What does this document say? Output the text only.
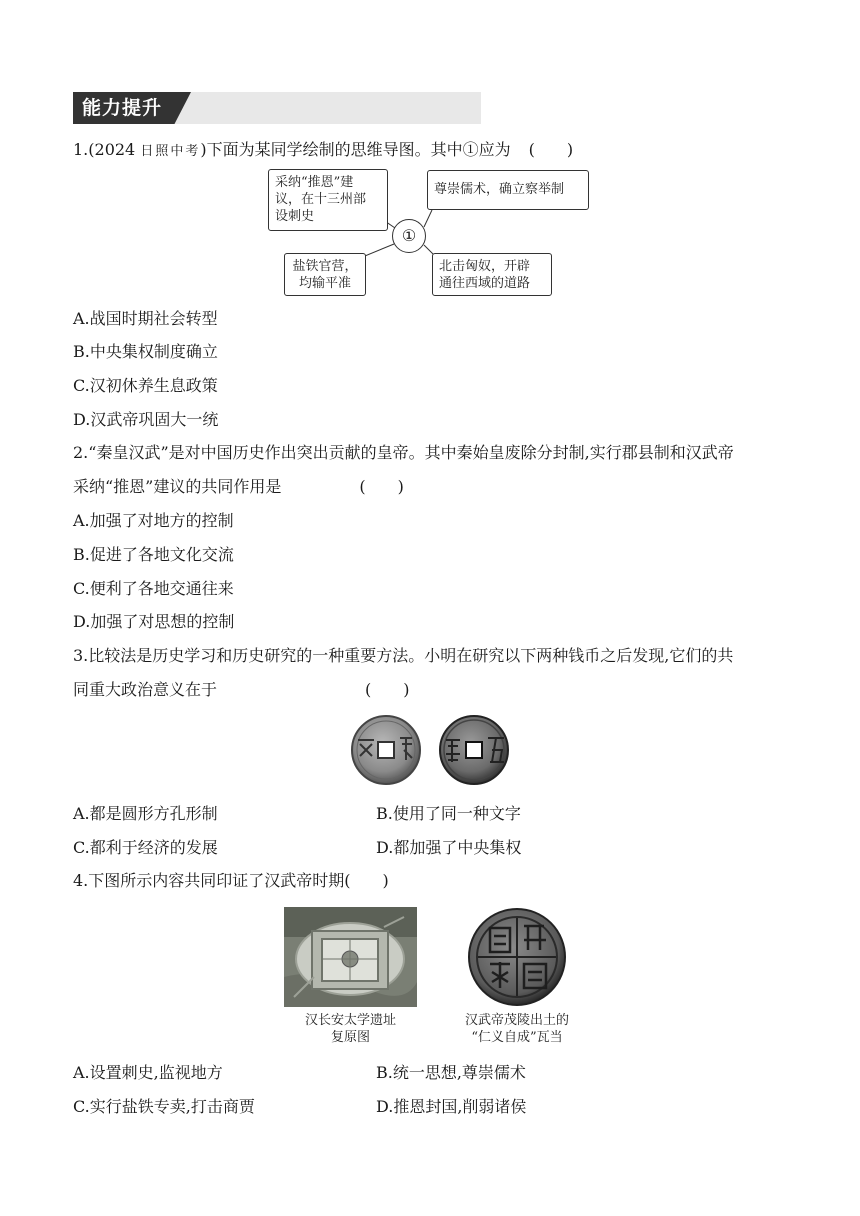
能力提升
1.(2024 日照中考)下面为某同学绘制的思维导图。其中①应为 (　　)
采纳“推恩”建
议，在十三州部
设刺史
尊崇儒术，确立察举制
①
盐铁官营，
均输平准
北击匈奴，开辟
通往西域的道路
A.战国时期社会转型
B.中央集权制度确立
C.汉初休养生息政策
D.汉武帝巩固大一统
2.“秦皇汉武”是对中国历史作出突出贡献的皇帝。其中秦始皇废除分封制,实行郡县制和汉武帝
采纳“推恩”建议的共同作用是	(　　)
A.加强了对地方的控制
B.促进了各地文化交流
C.便利了各地交通往来
D.加强了对思想的控制
3.比较法是历史学习和历史研究的一种重要方法。小明在研究以下两种钱币之后发现,它们的共
同重大政治意义在于	(　　)
A.都是圆形方孔形制	B.使用了同一种文字
C.都利于经济的发展	D.都加强了中央集权
4.下图所示内容共同印证了汉武帝时期(　　)
汉长安太学遗址
复原图
汉武帝茂陵出土的
“仁义自成”瓦当
A.设置刺史,监视地方	B.统一思想,尊崇儒术
C.实行盐铁专卖,打击商贾	D.推恩封国,削弱诸侯
